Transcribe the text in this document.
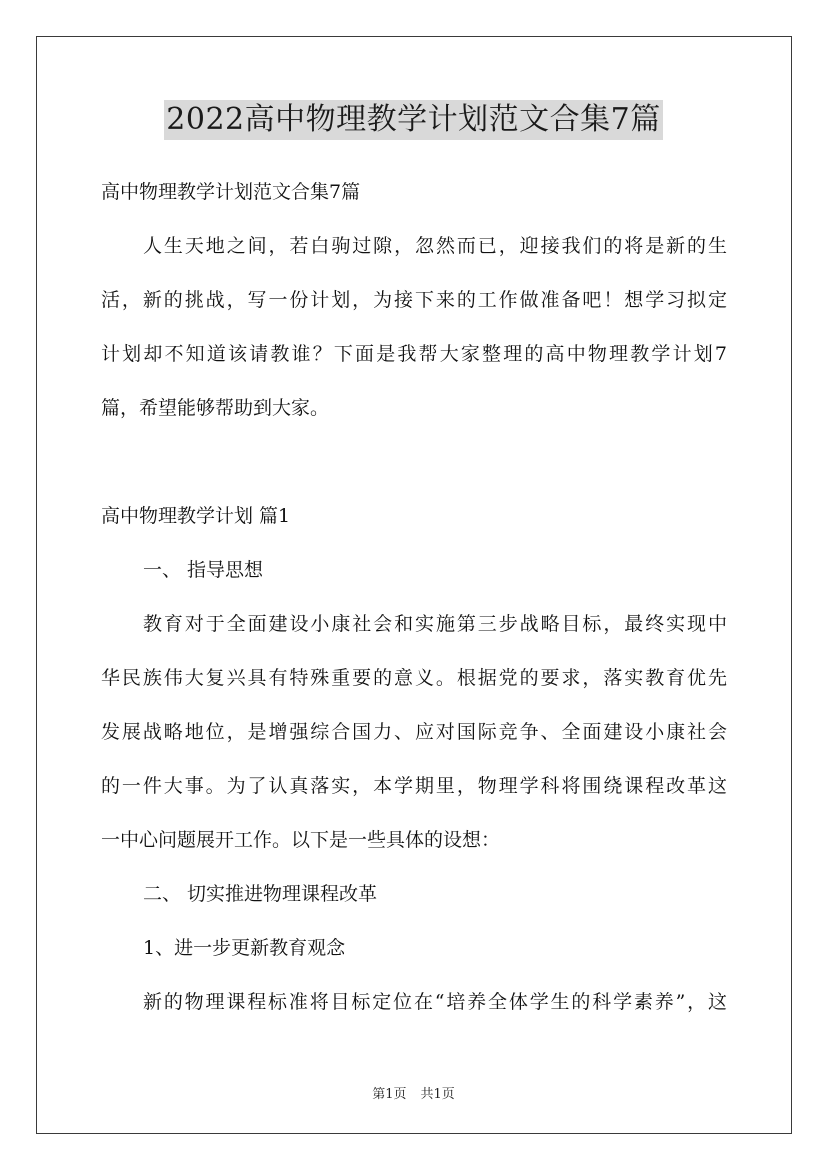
2022高中物理教学计划范文合集7篇
高中物理教学计划范文合集7篇
人生天地之间，若白驹过隙，忽然而已，迎接我们的将是新的生
活，新的挑战，写一份计划，为接下来的工作做准备吧！想学习拟定
计划却不知道该请教谁？下面是我帮大家整理的高中物理教学计划7
篇，希望能够帮助到大家。
高中物理教学计划 篇1
一、 指导思想
教育对于全面建设小康社会和实施第三步战略目标，最终实现中
华民族伟大复兴具有特殊重要的意义。根据党的要求，落实教育优先
发展战略地位，是增强综合国力、应对国际竞争、全面建设小康社会
的一件大事。为了认真落实，本学期里，物理学科将围绕课程改革这
一中心问题展开工作。以下是一些具体的设想：
二、 切实推进物理课程改革
1、进一步更新教育观念
新的物理课程标准将目标定位在“培养全体学生的科学素养”，这
第1页 共1页
